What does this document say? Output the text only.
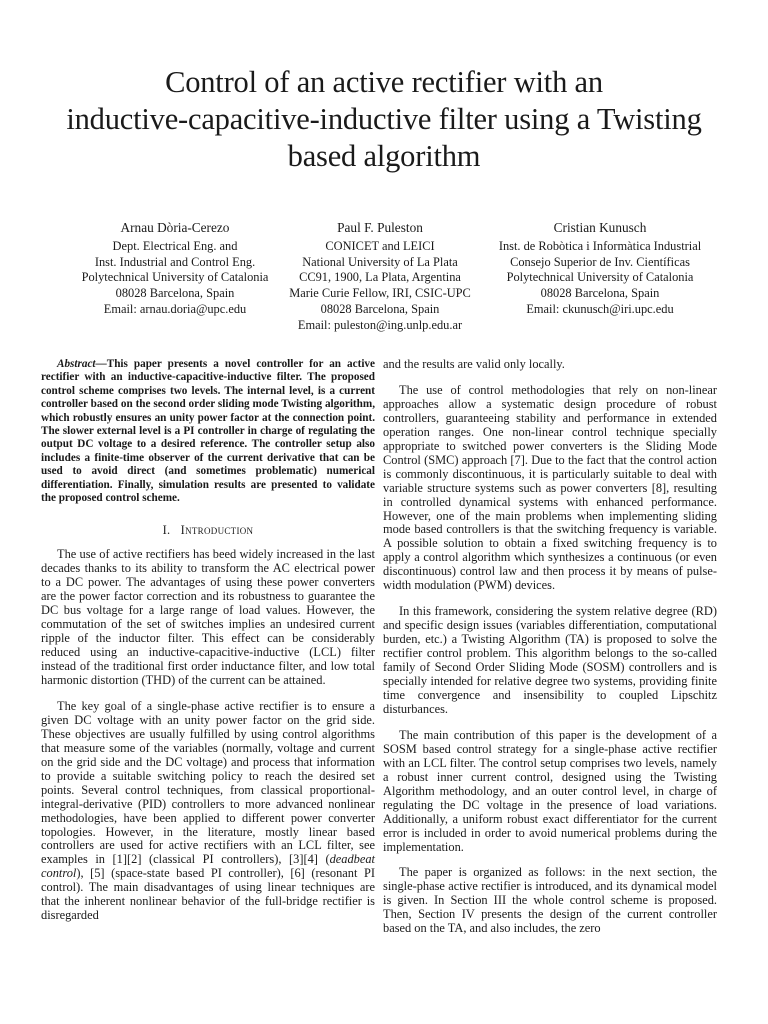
Control of an active rectifier with an
inductive-capacitive-inductive filter using a Twisting
based algorithm
Arnau Dòria-Cerezo
Dept. Electrical Eng. and
Inst. Industrial and Control Eng.
Polytechnical University of Catalonia
08028 Barcelona, Spain
Email: arnau.doria@upc.edu
Paul F. Puleston
CONICET and LEICI
National University of La Plata
CC91, 1900, La Plata, Argentina
Marie Curie Fellow, IRI, CSIC-UPC
08028 Barcelona, Spain
Email: puleston@ing.unlp.edu.ar
Cristian Kunusch
Inst. de Robòtica i Informàtica Industrial
Consejo Superior de Inv. Científicas
Polytechnical University of Catalonia
08028 Barcelona, Spain
Email: ckunusch@iri.upc.edu

Abstract—This paper presents a novel controller for an active rectifier with an inductive-capacitive-inductive filter. The proposed control scheme comprises two levels. The internal level, is a current controller based on the second order sliding mode Twisting algorithm, which robustly ensures an unity power factor at the connection point. The slower external level is a PI controller in charge of regulating the output DC voltage to a desired reference. The controller setup also includes a finite-time observer of the current derivative that can be used to avoid direct (and sometimes problematic) numerical differentiation. Finally, simulation results are presented to validate the proposed control scheme.

I. Introduction

The use of active rectifiers has beed widely increased in the last decades thanks to its ability to transform the AC electrical power to a DC power. The advantages of using these power converters are the power factor correction and its robustness to guarantee the DC bus voltage for a large range of load values. However, the commutation of the set of switches implies an undesired current ripple of the inductor filter. This effect can be considerably reduced using an inductive-capacitive-inductive (LCL) filter instead of the traditional first order inductance filter, and low total harmonic distortion (THD) of the current can be attained.

The key goal of a single-phase active rectifier is to ensure a given DC voltage with an unity power factor on the grid side. These objectives are usually fulfilled by using control algorithms that measure some of the variables (normally, voltage and current on the grid side and the DC voltage) and process that information to provide a suitable switching policy to reach the desired set points. Several control techniques, from classical proportional-integral-derivative (PID) controllers to more advanced nonlinear methodologies, have been applied to different power converter topologies. However, in the literature, mostly linear based controllers are used for active rectifiers with an LCL filter, see examples in [1][2] (classical PI controllers), [3][4] (deadbeat control), [5] (space-state based PI controller), [6] (resonant PI control). The main disadvantages of using linear techniques are that the inherent nonlinear behavior of the full-bridge rectifier is disregarded

and the results are valid only locally.

The use of control methodologies that rely on non-linear approaches allow a systematic design procedure of robust controllers, guaranteeing stability and performance in extended operation ranges. One non-linear control technique specially appropriate to switched power converters is the Sliding Mode Control (SMC) approach [7]. Due to the fact that the control action is commonly discontinuous, it is particularly suitable to deal with variable structure systems such as power converters [8], resulting in controlled dynamical systems with enhanced performance. However, one of the main problems when implementing sliding mode based controllers is that the switching frequency is variable. A possible solution to obtain a fixed switching frequency is to apply a control algorithm which synthesizes a continuous (or even discontinuous) control law and then process it by means of pulse-width modulation (PWM) devices.

In this framework, considering the system relative degree (RD) and specific design issues (variables differentiation, computational burden, etc.) a Twisting Algorithm (TA) is proposed to solve the rectifier control problem. This algorithm belongs to the so-called family of Second Order Sliding Mode (SOSM) controllers and is specially intended for relative degree two systems, providing finite time convergence and insensibility to coupled Lipschitz disturbances.

The main contribution of this paper is the development of a SOSM based control strategy for a single-phase active rectifier with an LCL filter. The control setup comprises two levels, namely a robust inner current control, designed using the Twisting Algorithm methodology, and an outer control level, in charge of regulating the DC voltage in the presence of load variations. Additionally, a uniform robust exact differentiator for the current error is included in order to avoid numerical problems during the implementation.

The paper is organized as follows: in the next section, the single-phase active rectifier is introduced, and its dynamical model is given. In Section III the whole control scheme is proposed. Then, Section IV presents the design of the current controller based on the TA, and also includes, the zero
